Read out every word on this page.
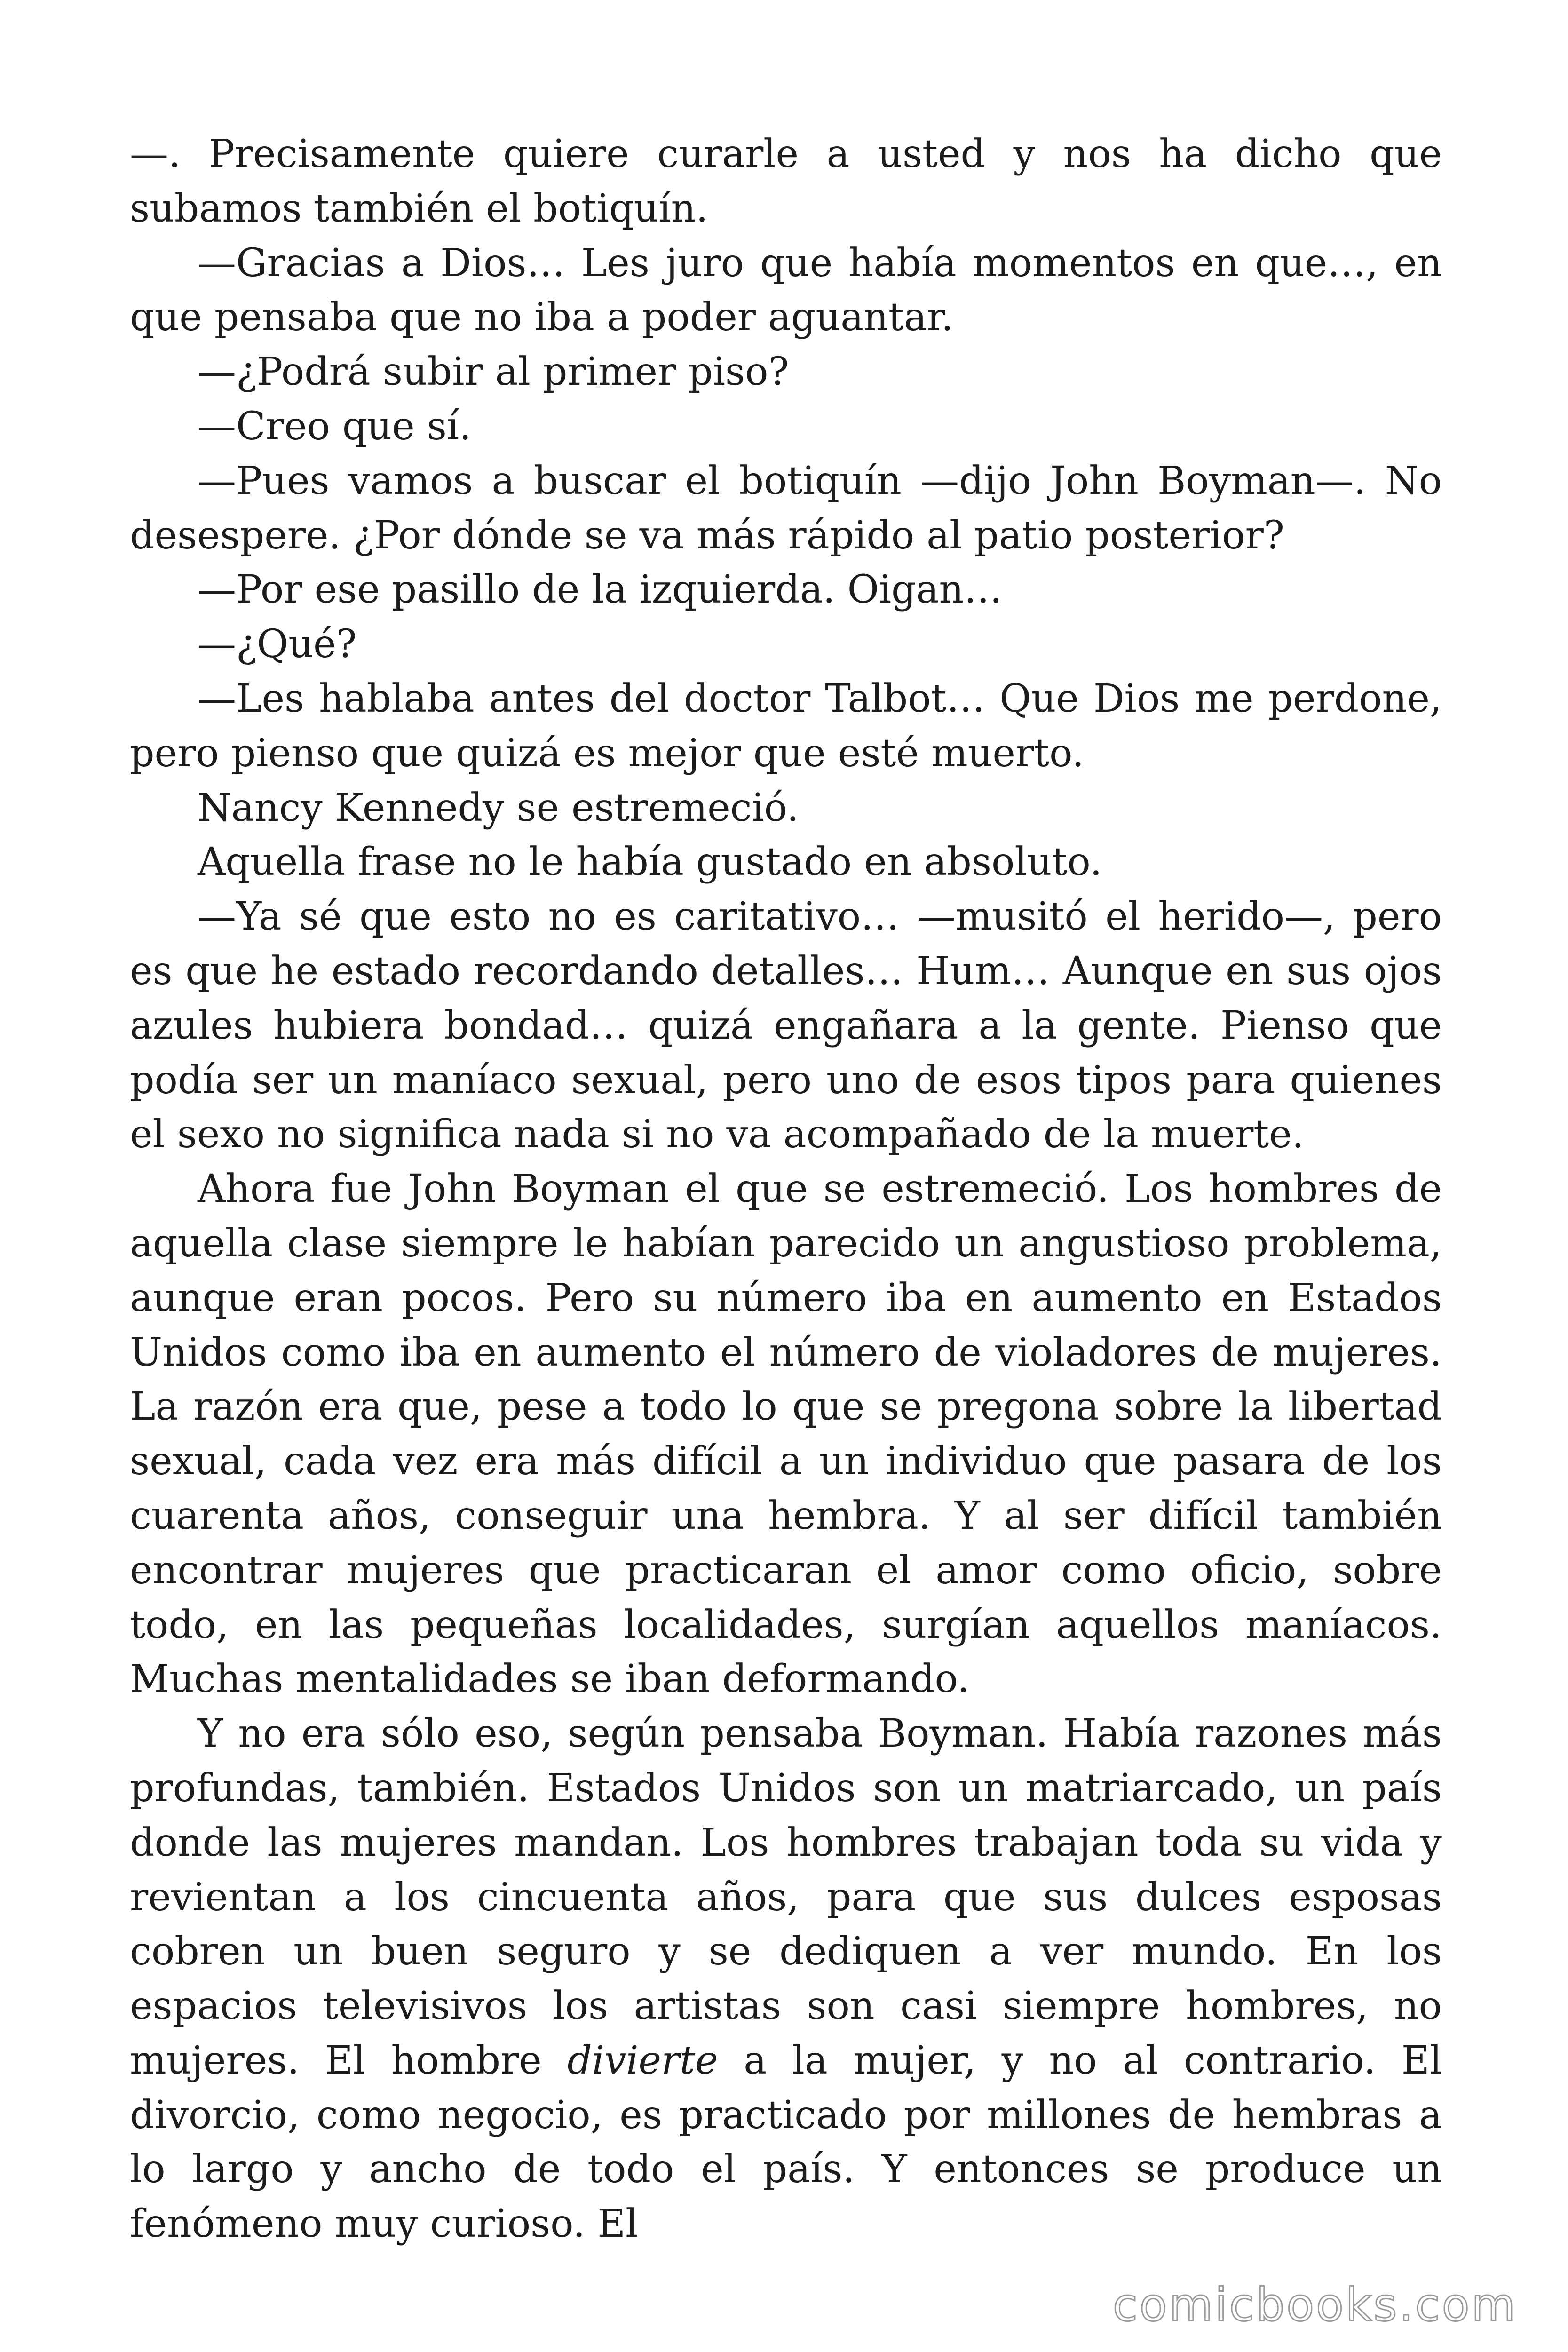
—. Precisamente quiere curarle a usted y nos ha dicho que subamos también el botiquín.

—Gracias a Dios… Les juro que había momentos en que…, en que pensaba que no iba a poder aguantar.

—¿Podrá subir al primer piso?

—Creo que sí.

—Pues vamos a buscar el botiquín —dijo John Boyman—. No desespere. ¿Por dónde se va más rápido al patio posterior?

—Por ese pasillo de la izquierda. Oigan…

—¿Qué?

—Les hablaba antes del doctor Talbot… Que Dios me perdone, pero pienso que quizá es mejor que esté muerto.

Nancy Kennedy se estremeció.

Aquella frase no le había gustado en absoluto.

—Ya sé que esto no es caritativo… —musitó el herido—, pero es que he estado recordando detalles… Hum… Aunque en sus ojos azules hubiera bondad… quizá engañara a la gente. Pienso que podía ser un maníaco sexual, pero uno de esos tipos para quienes el sexo no significa nada si no va acompañado de la muerte.

Ahora fue John Boyman el que se estremeció. Los hombres de aquella clase siempre le habían parecido un angustioso problema, aunque eran pocos. Pero su número iba en aumento en Estados Unidos como iba en aumento el número de violadores de mujeres. La razón era que, pese a todo lo que se pregona sobre la libertad sexual, cada vez era más difícil a un individuo que pasara de los cuarenta años, conseguir una hembra. Y al ser difícil también encontrar mujeres que practicaran el amor como oficio, sobre todo, en las pequeñas localidades, surgían aquellos maníacos. Muchas mentalidades se iban deformando.

Y no era sólo eso, según pensaba Boyman. Había razones más profundas, también. Estados Unidos son un matriarcado, un país donde las mujeres mandan. Los hombres trabajan toda su vida y revientan a los cincuenta años, para que sus dulces esposas cobren un buen seguro y se dediquen a ver mundo. En los espacios televisivos los artistas son casi siempre hombres, no mujeres. El hombre divierte a la mujer, y no al contrario. El divorcio, como negocio, es practicado por millones de hembras a lo largo y ancho de todo el país. Y entonces se produce un fenómeno muy curioso. El

comicbooks.com
